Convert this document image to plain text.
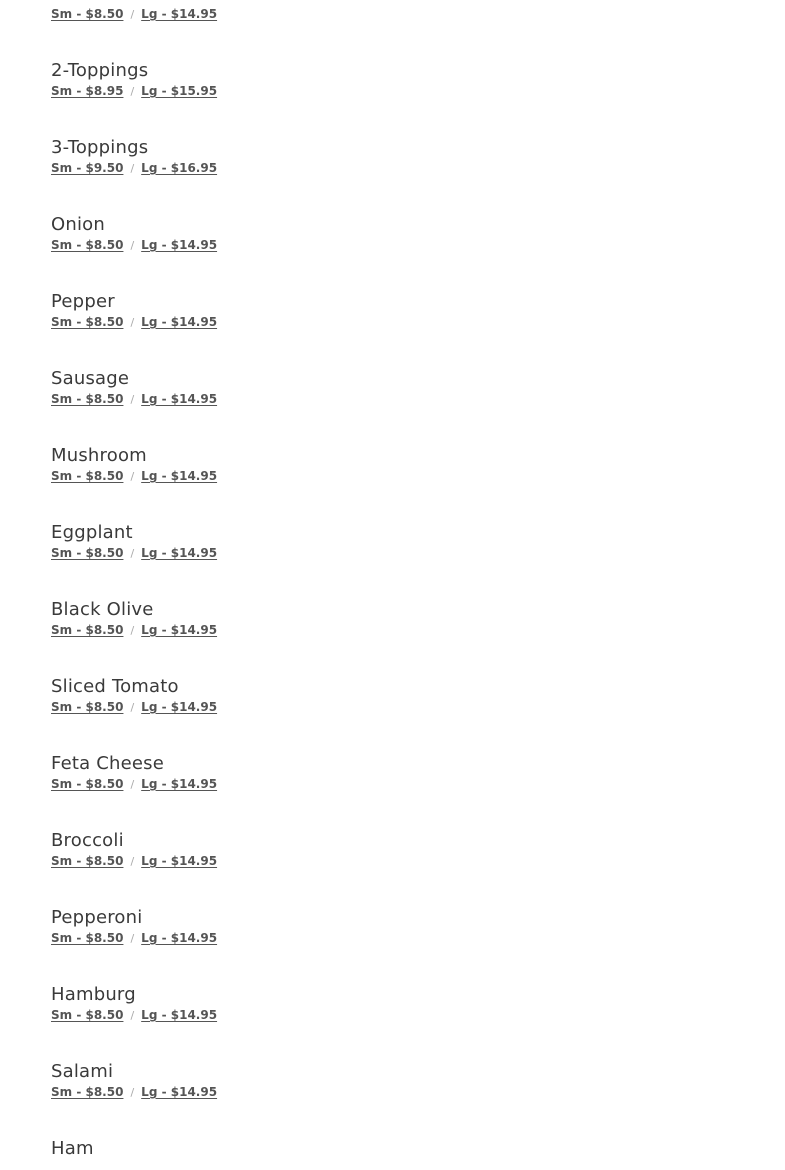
Sm - $8.50 / Lg - $14.95
2-Toppings
Sm - $8.95 / Lg - $15.95
3-Toppings
Sm - $9.50 / Lg - $16.95
Onion
Sm - $8.50 / Lg - $14.95
Pepper
Sm - $8.50 / Lg - $14.95
Sausage
Sm - $8.50 / Lg - $14.95
Mushroom
Sm - $8.50 / Lg - $14.95
Eggplant
Sm - $8.50 / Lg - $14.95
Black Olive
Sm - $8.50 / Lg - $14.95
Sliced Tomato
Sm - $8.50 / Lg - $14.95
Feta Cheese
Sm - $8.50 / Lg - $14.95
Broccoli
Sm - $8.50 / Lg - $14.95
Pepperoni
Sm - $8.50 / Lg - $14.95
Hamburg
Sm - $8.50 / Lg - $14.95
Salami
Sm - $8.50 / Lg - $14.95
Ham
